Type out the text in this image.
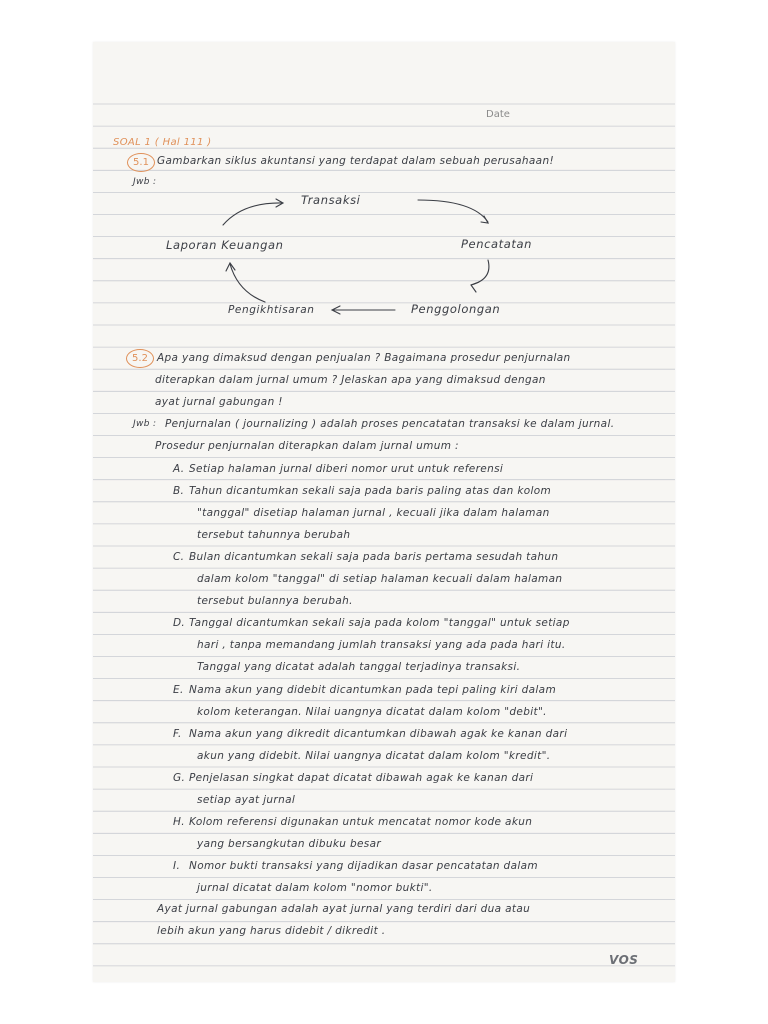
Date
SOAL 1 ( Hal 111 )
5.1 Gambarkan siklus akuntansi yang terdapat dalam sebuah perusahaan!
Jwb :
Transaksi
Pencatatan
Penggolongan
Pengikhtisaran
Laporan Keuangan
5.2 Apa yang dimaksud dengan penjualan ? Bagaimana prosedur penjurnalan
diterapkan dalam jurnal umum ? Jelaskan apa yang dimaksud dengan
ayat jurnal gabungan !
Jwb : Penjurnalan ( journalizing ) adalah proses pencatatan transaksi ke dalam jurnal.
Prosedur penjurnalan diterapkan dalam jurnal umum :
A. Setiap halaman jurnal diberi nomor urut untuk referensi
B. Tahun dicantumkan sekali saja pada baris paling atas dan kolom
"tanggal" disetiap halaman jurnal , kecuali jika dalam halaman
tersebut tahunnya berubah
C. Bulan dicantumkan sekali saja pada baris pertama sesudah tahun
dalam kolom "tanggal" di setiap halaman kecuali dalam halaman
tersebut bulannya berubah.
D. Tanggal dicantumkan sekali saja pada kolom "tanggal" untuk setiap
hari , tanpa memandang jumlah transaksi yang ada pada hari itu.
Tanggal yang dicatat adalah tanggal terjadinya transaksi.
E. Nama akun yang didebit dicantumkan pada tepi paling kiri dalam
kolom keterangan. Nilai uangnya dicatat dalam kolom "debit".
F. Nama akun yang dikredit dicantumkan dibawah agak ke kanan dari
akun yang didebit. Nilai uangnya dicatat dalam kolom "kredit".
G. Penjelasan singkat dapat dicatat dibawah agak ke kanan dari
setiap ayat jurnal
H. Kolom referensi digunakan untuk mencatat nomor kode akun
yang bersangkutan dibuku besar
I. Nomor bukti transaksi yang dijadikan dasar pencatatan dalam
jurnal dicatat dalam kolom "nomor bukti".
Ayat jurnal gabungan adalah ayat jurnal yang terdiri dari dua atau
lebih akun yang harus didebit / dikredit .
VOS
